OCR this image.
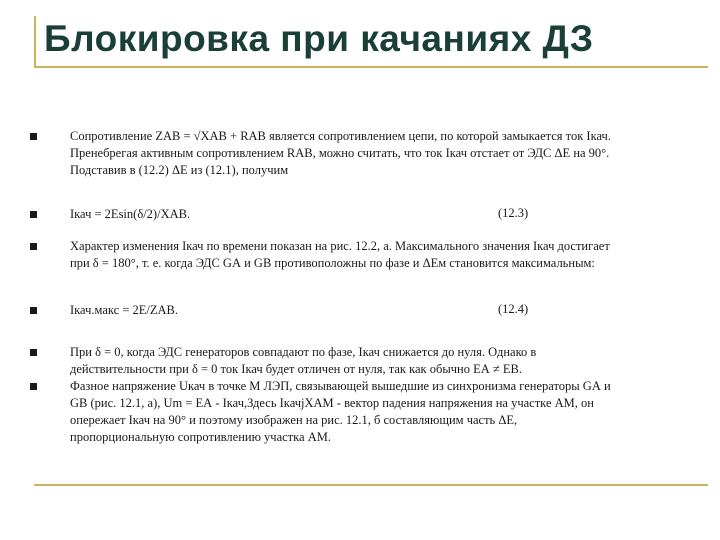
Блокировка при качаниях ДЗ

Сопротивление ZАВ = √XАВ + RАВ является сопротивлением цепи, по которой замыкается ток Iкач.
Пренебрегая активным сопротивлением RАВ, можно считать, что ток Iкач отстает от ЭДС ΔE на 90°.
Подставив в (12.2) ΔE из (12.1), получим

Iкач = 2Esin(δ/2)/XАВ.	(12.3)

Характер изменения Iкач по времени показан на рис. 12.2, а. Максимального значения Iкач достигает
при δ = 180°, т. е. когда ЭДС GА и GВ противоположны по фазе и ΔEм становится максимальным:

Iкач.макс = 2E/ZАВ.	(12.4)

При δ = 0, когда ЭДС генераторов совпадают по фазе, Iкач снижается до нуля. Однако в
действительности при δ = 0 ток Iкач будет отличен от нуля, так как обычно EА ≠ EВ.

Фазное напряжение Uкач в точке М ЛЭП, связывающей вышедшие из синхронизма генераторы GА и
GВ (рис. 12.1, а), Um = EА - Iкач,Здесь IкачjXАМ - вектор падения напряжения на участке АМ, он
опережает Iкач на 90° и поэтому изображен на рис. 12.1, б составляющим часть ΔE,
пропорциональную сопротивлению участка АМ.
